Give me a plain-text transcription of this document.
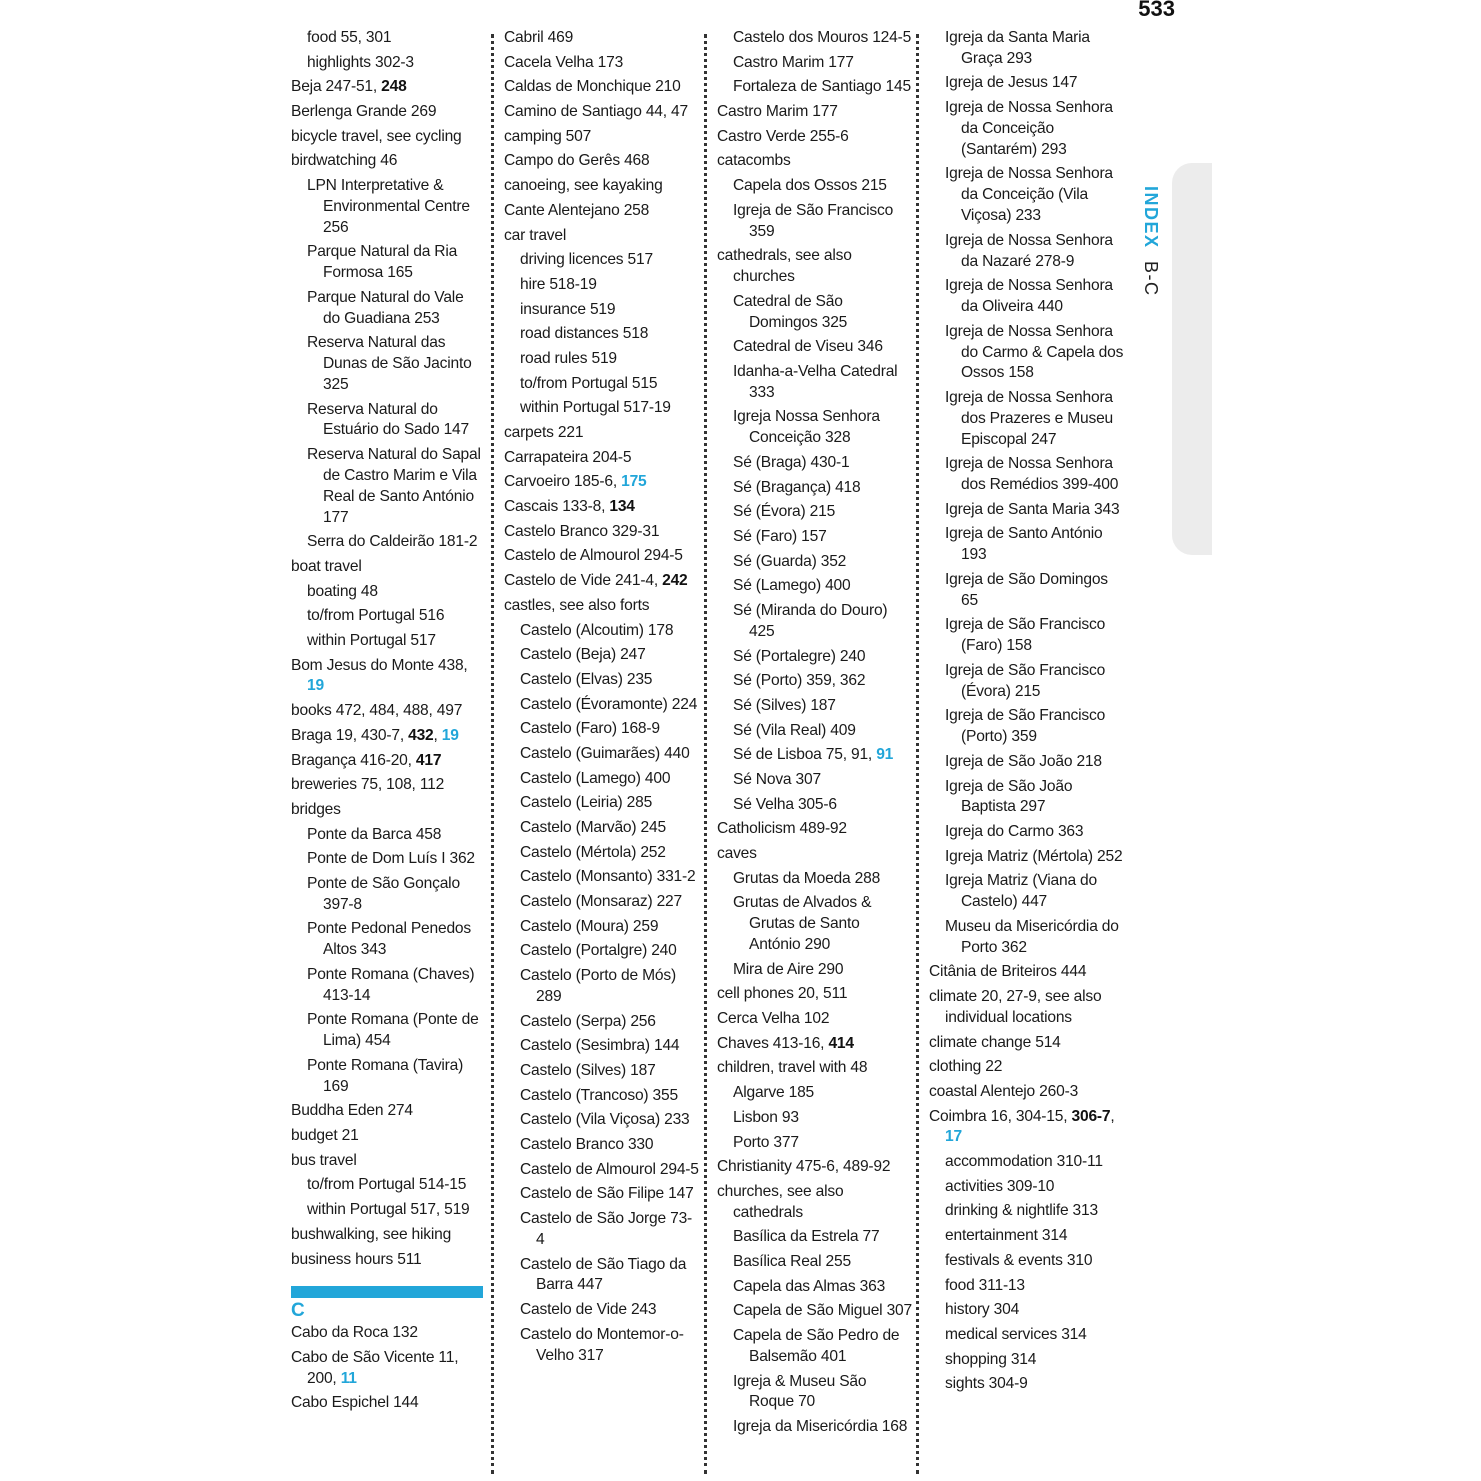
533
food 55, 301
highlights 302-3
Beja 247-51, 248
Berlenga Grande 269
bicycle travel, see cycling
birdwatching 46
LPN Interpretative & Environmental Centre 256
Parque Natural da Ria Formosa 165
Parque Natural do Vale do Guadiana 253
Reserva Natural das Dunas de São Jacinto 325
Reserva Natural do Estuário do Sado 147
Reserva Natural do Sapal de Castro Marim e Vila Real de Santo António 177
Serra do Caldeirão 181-2
boat travel
boating 48
to/from Portugal 516
within Portugal 517
Bom Jesus do Monte 438, 19
books 472, 484, 488, 497
Braga 19, 430-7, 432, 19
Bragança 416-20, 417
breweries 75, 108, 112
bridges
Ponte da Barca 458
Ponte de Dom Luís I 362
Ponte de São Gonçalo 397-8
Ponte Pedonal Penedos Altos 343
Ponte Romana (Chaves) 413-14
Ponte Romana (Ponte de Lima) 454
Ponte Romana (Tavira) 169
Buddha Eden 274
budget 21
bus travel
to/from Portugal 514-15
within Portugal 517, 519
bushwalking, see hiking
business hours 511
C
Cabo da Roca 132
Cabo de São Vicente 11, 200, 11
Cabo Espichel 144
Cabril 469
Cacela Velha 173
Caldas de Monchique 210
Camino de Santiago 44, 47
camping 507
Campo do Gerês 468
canoeing, see kayaking
Cante Alentejano 258
car travel
driving licences 517
hire 518-19
insurance 519
road distances 518
road rules 519
to/from Portugal 515
within Portugal 517-19
carpets 221
Carrapateira 204-5
Carvoeiro 185-6, 175
Cascais 133-8, 134
Castelo Branco 329-31
Castelo de Almourol 294-5
Castelo de Vide 241-4, 242
castles, see also forts
Castelo (Alcoutim) 178
Castelo (Beja) 247
Castelo (Elvas) 235
Castelo (Évoramonte) 224
Castelo (Faro) 168-9
Castelo (Guimarães) 440
Castelo (Lamego) 400
Castelo (Leiria) 285
Castelo (Marvão) 245
Castelo (Mértola) 252
Castelo (Monsanto) 331-2
Castelo (Monsaraz) 227
Castelo (Moura) 259
Castelo (Portalgre) 240
Castelo (Porto de Mós) 289
Castelo (Serpa) 256
Castelo (Sesimbra) 144
Castelo (Silves) 187
Castelo (Trancoso) 355
Castelo (Vila Viçosa) 233
Castelo Branco 330
Castelo de Almourol 294-5
Castelo de São Filipe 147
Castelo de São Jorge 73-4
Castelo de São Tiago da Barra 447
Castelo de Vide 243
Castelo do Montemor-o-Velho 317
Castelo dos Mouros 124-5
Castro Marim 177
Fortaleza de Santiago 145
Castro Marim 177
Castro Verde 255-6
catacombs
Capela dos Ossos 215
Igreja de São Francisco 359
cathedrals, see also churches
Catedral de São Domingos 325
Catedral de Viseu 346
Idanha-a-Velha Catedral 333
Igreja Nossa Senhora Conceição 328
Sé (Braga) 430-1
Sé (Bragança) 418
Sé (Évora) 215
Sé (Faro) 157
Sé (Guarda) 352
Sé (Lamego) 400
Sé (Miranda do Douro) 425
Sé (Portalegre) 240
Sé (Porto) 359, 362
Sé (Silves) 187
Sé (Vila Real) 409
Sé de Lisboa 75, 91, 91
Sé Nova 307
Sé Velha 305-6
Catholicism 489-92
caves
Grutas da Moeda 288
Grutas de Alvados & Grutas de Santo António 290
Mira de Aire 290
cell phones 20, 511
Cerca Velha 102
Chaves 413-16, 414
children, travel with 48
Algarve 185
Lisbon 93
Porto 377
Christianity 475-6, 489-92
churches, see also cathedrals
Basílica da Estrela 77
Basílica Real 255
Capela das Almas 363
Capela de São Miguel 307
Capela de São Pedro de Balsemão 401
Igreja & Museu São Roque 70
Igreja da Misericórdia 168
Igreja da Santa Maria Graça 293
Igreja de Jesus 147
Igreja de Nossa Senhora da Conceição (Santarém) 293
Igreja de Nossa Senhora da Conceição (Vila Viçosa) 233
Igreja de Nossa Senhora da Nazaré 278-9
Igreja de Nossa Senhora da Oliveira 440
Igreja de Nossa Senhora do Carmo & Capela dos Ossos 158
Igreja de Nossa Senhora dos Prazeres e Museu Episcopal 247
Igreja de Nossa Senhora dos Remédios 399-400
Igreja de Santa Maria 343
Igreja de Santo António 193
Igreja de São Domingos 65
Igreja de São Francisco (Faro) 158
Igreja de São Francisco (Évora) 215
Igreja de São Francisco (Porto) 359
Igreja de São João 218
Igreja de São João Baptista 297
Igreja do Carmo 363
Igreja Matriz (Mértola) 252
Igreja Matriz (Viana do Castelo) 447
Museu da Misericórdia do Porto 362
Citânia de Briteiros 444
climate 20, 27-9, see also individual locations
climate change 514
clothing 22
coastal Alentejo 260-3
Coimbra 16, 304-15, 306-7, 17
accommodation 310-11
activities 309-10
drinking & nightlife 313
entertainment 314
festivals & events 310
food 311-13
history 304
medical services 314
shopping 314
sights 304-9
INDEX B-C
